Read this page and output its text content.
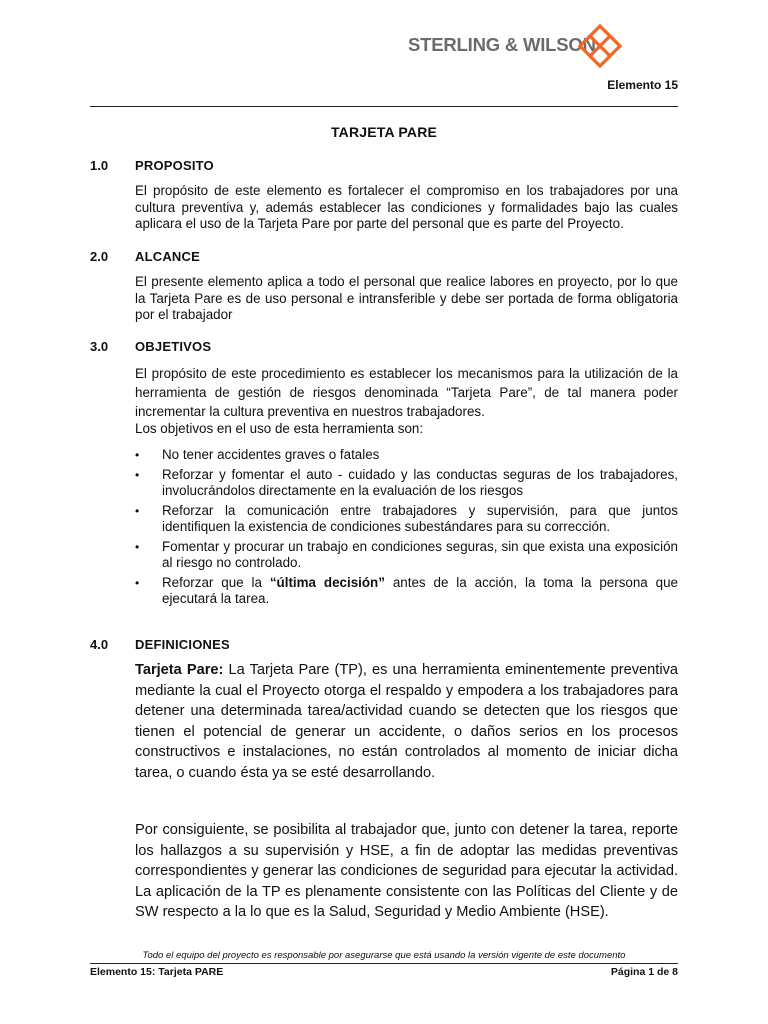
STERLING & WILSON
Elemento 15
TARJETA PARE
1.0 PROPOSITO

El propósito de este elemento es fortalecer el compromiso en los trabajadores por una cultura preventiva y, además establecer las condiciones y formalidades bajo las cuales aplicara el uso de la Tarjeta Pare por parte del personal que es parte del Proyecto.

2.0 ALCANCE

El presente elemento aplica a todo el personal que realice labores en proyecto, por lo que la Tarjeta Pare es de uso personal e intransferible y debe ser portada de forma obligatoria por el trabajador

3.0 OBJETIVOS

El propósito de este procedimiento es establecer los mecanismos para la utilización de la herramienta de gestión de riesgos denominada “Tarjeta Pare”, de tal manera poder incrementar la cultura preventiva en nuestros trabajadores.

Los objetivos en el uso de esta herramienta son:

• No tener accidentes graves o fatales
• Reforzar y fomentar el auto - cuidado y las conductas seguras de los trabajadores, involucrándolos directamente en la evaluación de los riesgos
• Reforzar la comunicación entre trabajadores y supervisión, para que juntos identifiquen la existencia de condiciones subestándares para su corrección.
• Fomentar y procurar un trabajo en condiciones seguras, sin que exista una exposición al riesgo no controlado.
• Reforzar que la “última decisión” antes de la acción, la toma la persona que ejecutará la tarea.
4.0 DEFINICIONES

Tarjeta Pare: La Tarjeta Pare (TP), es una herramienta eminentemente preventiva mediante la cual el Proyecto otorga el respaldo y empodera a los trabajadores para detener una determinada tarea/actividad cuando se detecten que los riesgos que tienen el potencial de generar un accidente, o daños serios en los procesos constructivos e instalaciones, no están controlados al momento de iniciar dicha tarea, o cuando ésta ya se esté desarrollando.

Por consiguiente, se posibilita al trabajador que, junto con detener la tarea, reporte los hallazgos a su supervisión y HSE, a fin de adoptar las medidas preventivas correspondientes y generar las condiciones de seguridad para ejecutar la actividad. La aplicación de la TP es plenamente consistente con las Políticas del Cliente y de SW respecto a la lo que es la Salud, Seguridad y Medio Ambiente (HSE).

Todo el equipo del proyecto es responsable por asegurarse que está usando la versión vigente de este documento
Elemento 15: Tarjeta PARE	Página 1 de 8
